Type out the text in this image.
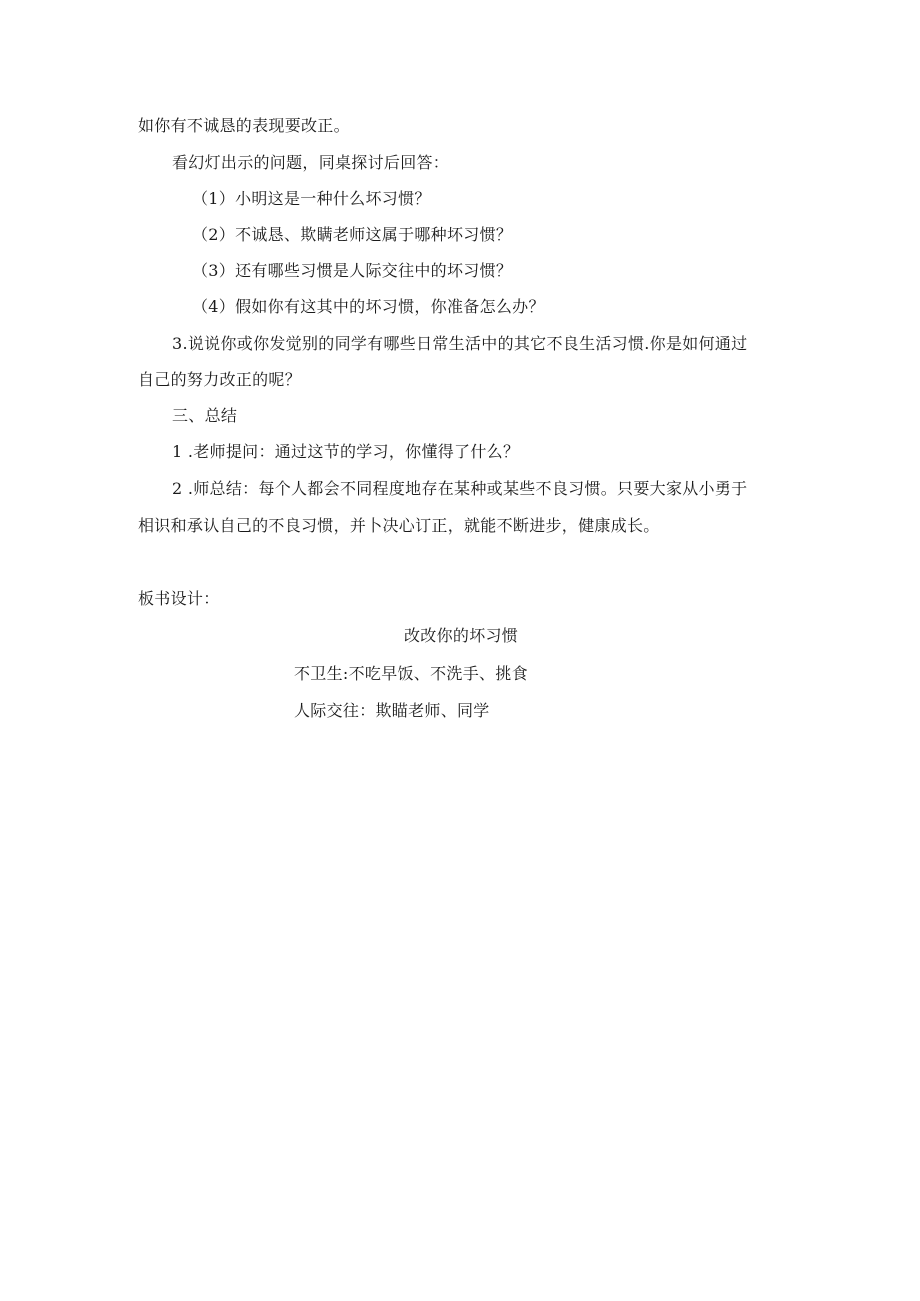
如你有不诚恳的表现要改正。
看幻灯出示的问题，同桌探讨后回答：
（1）小明这是一种什么坏习惯？
（2）不诚恳、欺瞒老师这属于哪种坏习惯？
（3）还有哪些习惯是人际交往中的坏习惯？
（4）假如你有这其中的坏习惯，你准备怎么办？
3.说说你或你发觉别的同学有哪些日常生活中的其它不良生活习惯.你是如何通过
自己的努力改正的呢？
三、总结
1 .老师提问：通过这节的学习，你懂得了什么？
2 .师总结：每个人都会不同程度地存在某种或某些不良习惯。只要大家从小勇于
相识和承认自己的不良习惯，并卜决心订正，就能不断进步，健康成长。
板书设计：
改改你的坏习惯
不卫生:不吃早饭、不洗手、挑食
人际交往：欺瞄老师、同学
